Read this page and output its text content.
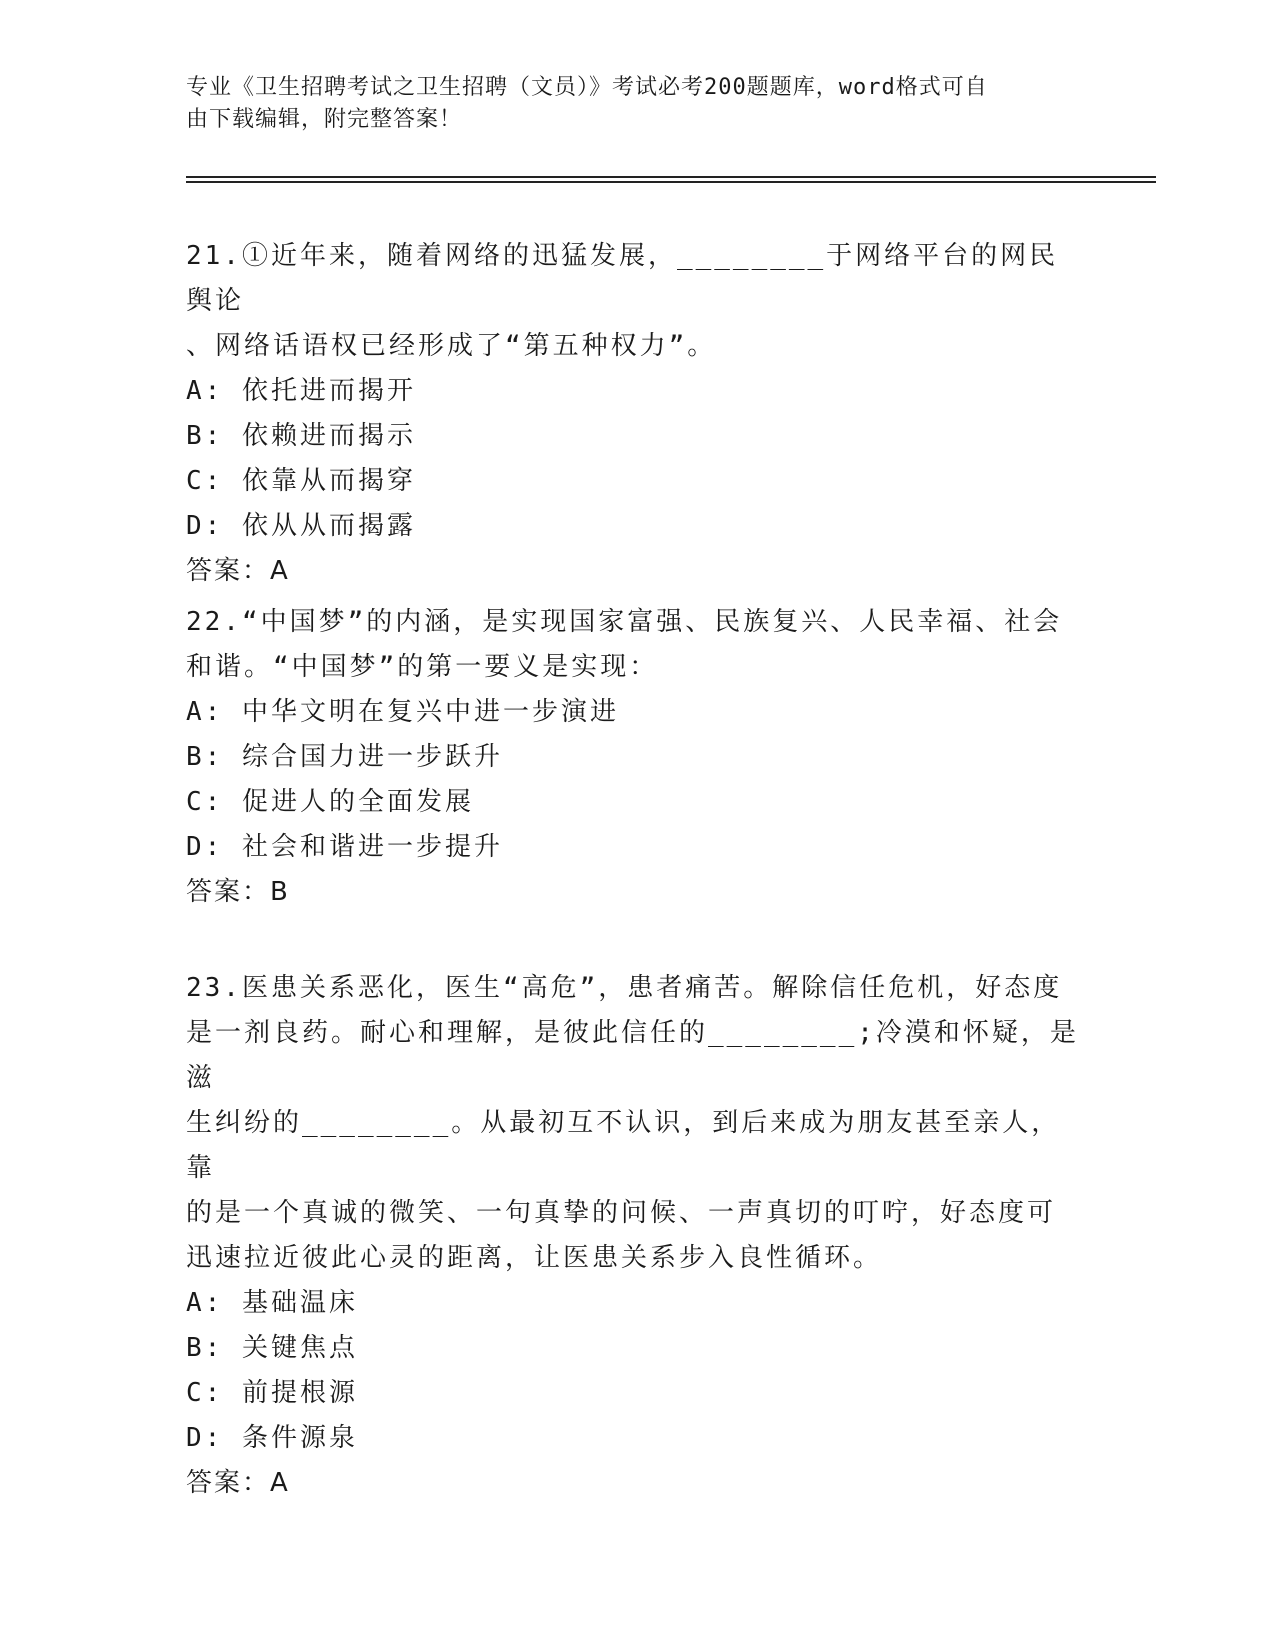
专业《卫生招聘考试之卫生招聘（文员）》考试必考200题题库，word格式可自
由下载编辑，附完整答案！
21.①近年来，随着网络的迅猛发展，________于网络平台的网民舆论
、网络话语权已经形成了“第五种权力”。
A: 依托进而揭开
B: 依赖进而揭示
C: 依靠从而揭穿
D: 依从从而揭露
答案：A
22.“中国梦”的内涵，是实现国家富强、民族复兴、人民幸福、社会
和谐。“中国梦”的第一要义是实现：
A: 中华文明在复兴中进一步演进
B: 综合国力进一步跃升
C: 促进人的全面发展
D: 社会和谐进一步提升
答案：B
23.医患关系恶化，医生“高危”，患者痛苦。解除信任危机，好态度
是一剂良药。耐心和理解，是彼此信任的________;冷漠和怀疑，是滋
生纠纷的________。从最初互不认识，到后来成为朋友甚至亲人，靠
的是一个真诚的微笑、一句真挚的问候、一声真切的叮咛，好态度可
迅速拉近彼此心灵的距离，让医患关系步入良性循环。
A: 基础温床
B: 关键焦点
C: 前提根源
D: 条件源泉
答案：A
